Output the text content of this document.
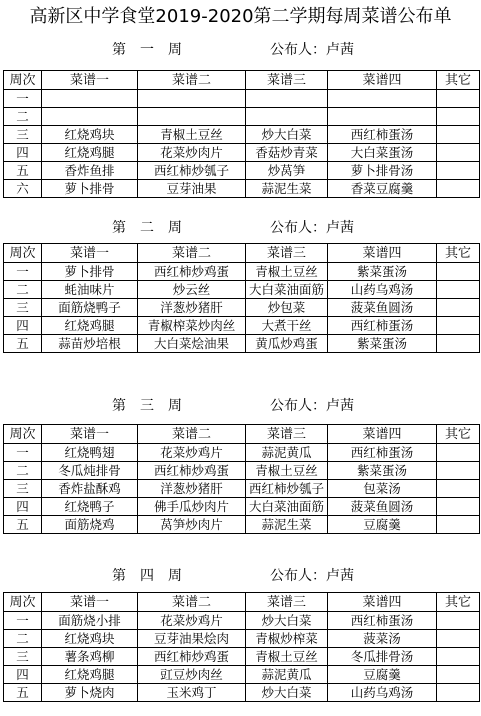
高新区中学食堂2019-2020第二学期每周菜谱公布单
第　一　周	公布人：卢茜
周次	菜谱一	菜谱二	菜谱三	菜谱四	其它
一					
二					
三	红烧鸡块	青椒土豆丝	炒大白菜	西红柿蛋汤	
四	红烧鸡腿	花菜炒肉片	香菇炒青菜	大白菜蛋汤	
五	香炸鱼排	西红柿炒瓠子	炒莴笋	萝卜排骨汤	
六	萝卜排骨	豆芽油果	蒜泥生菜	香菜豆腐羹	
第　二　周	公布人：卢茜
周次	菜谱一	菜谱二	菜谱三	菜谱四	其它
一	萝卜排骨	西红柿炒鸡蛋	青椒土豆丝	紫菜蛋汤	
二	蚝油味片	炒云丝	大白菜油面筋	山药乌鸡汤	
三	面筋烧鸭子	洋葱炒猪肝	炒包菜	菠菜鱼圆汤	
四	红烧鸡腿	青椒榨菜炒肉丝	大煮干丝	西红柿蛋汤	
五	蒜苗炒培根	大白菜烩油果	黄瓜炒鸡蛋	紫菜蛋汤	
第　三　周	公布人：卢茜
周次	菜谱一	菜谱二	菜谱三	菜谱四	其它
一	红烧鸭翅	花菜炒鸡片	蒜泥黄瓜	西红柿蛋汤	
二	冬瓜炖排骨	西红柿炒鸡蛋	青椒土豆丝	紫菜蛋汤	
三	香炸盐酥鸡	洋葱炒猪肝	西红柿炒瓠子	包菜汤	
四	红烧鸭子	佛手瓜炒肉片	大白菜油面筋	菠菜鱼圆汤	
五	面筋烧鸡	莴笋炒肉片	蒜泥生菜	豆腐羹	
第　四　周	公布人：卢茜
周次	菜谱一	菜谱二	菜谱三	菜谱四	其它
一	面筋烧小排	花菜炒鸡片	炒大白菜	西红柿蛋汤	
二	红烧鸡块	豆芽油果烩肉	青椒炒榨菜	菠菜汤	
三	薯条鸡柳	西红柿炒鸡蛋	青椒土豆丝	冬瓜排骨汤	
四	红烧鸡腿	豇豆炒肉丝	蒜泥黄瓜	豆腐羹	
五	萝卜烧肉	玉米鸡丁	炒大白菜	山药乌鸡汤	
